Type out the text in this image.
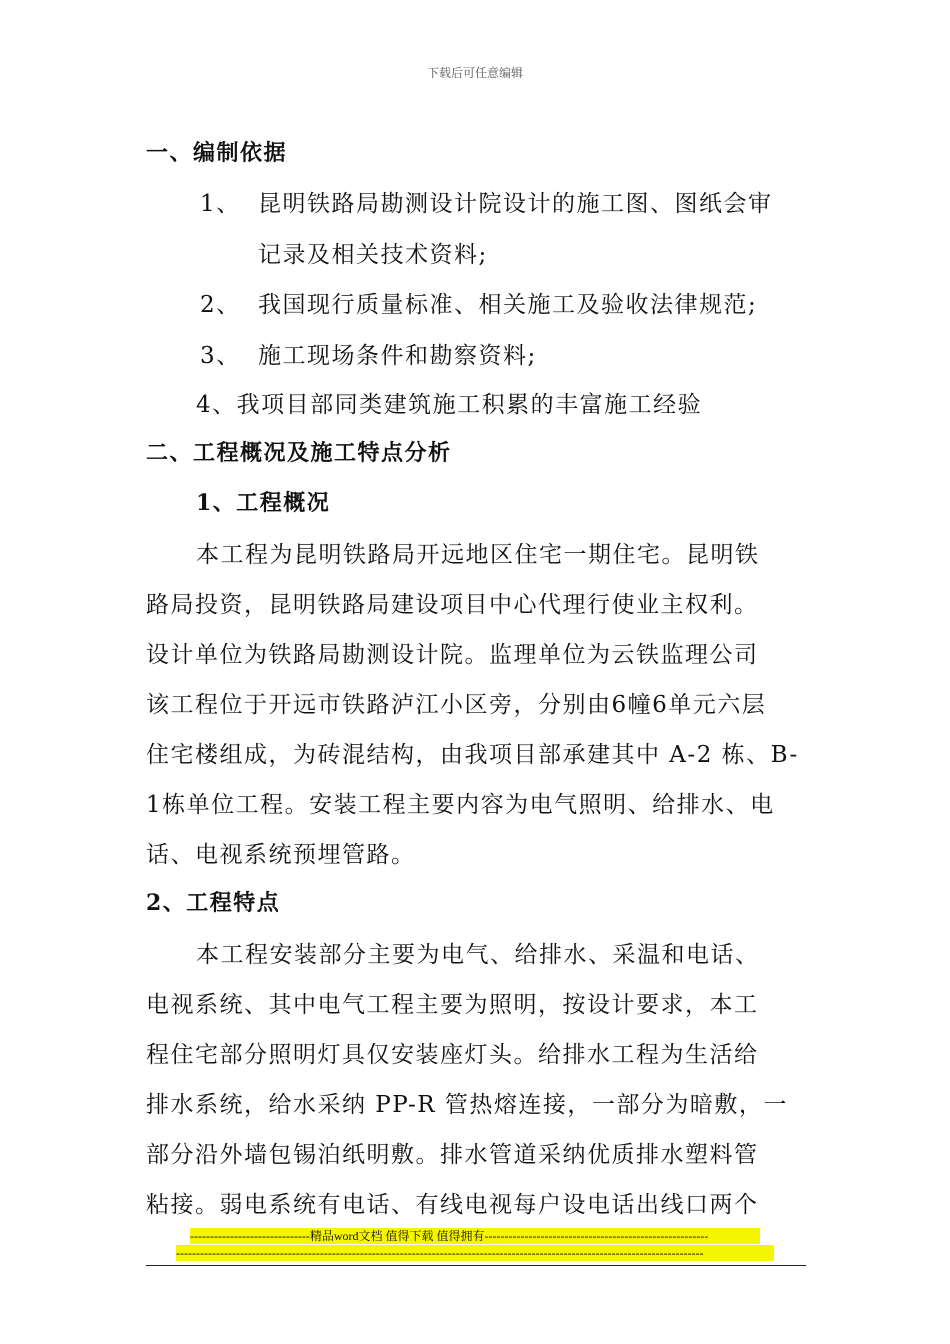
下载后可任意编辑
一、编制依据
1、 昆明铁路局勘测设计院设计的施工图、图纸会审
记录及相关技术资料;
2、 我国现行质量标准、相关施工及验收法律规范;
3、 施工现场条件和勘察资料;
4、我项目部同类建筑施工积累的丰富施工经验
二、工程概况及施工特点分析
1、工程概况
本工程为昆明铁路局开远地区住宅一期住宅。昆明铁
路局投资，昆明铁路局建设项目中心代理行使业主权利。
设计单位为铁路局勘测设计院。监理单位为云铁监理公司
该工程位于开远市铁路泸江小区旁，分别由6幢6单元六层
住宅楼组成，为砖混结构，由我项目部承建其中 A-2 栋、B-
1栋单位工程。安装工程主要内容为电气照明、给排水、电
话、电视系统预埋管路。
2、工程特点
本工程安装部分主要为电气、给排水、采温和电话、
电视系统、其中电气工程主要为照明，按设计要求，本工
程住宅部分照明灯具仅安装座灯头。给排水工程为生活给
排水系统，给水采纳 PP-R 管热熔连接，一部分为暗敷，一
部分沿外墙包锡泊纸明敷。排水管道采纳优质排水塑料管
粘接。弱电系统有电话、有线电视每户设电话出线口两个
------------------------------精品word文档 值得下载 值得拥有--------------------------------------------------------
------------------------------------------------------------------------------------------------------------------------------------
